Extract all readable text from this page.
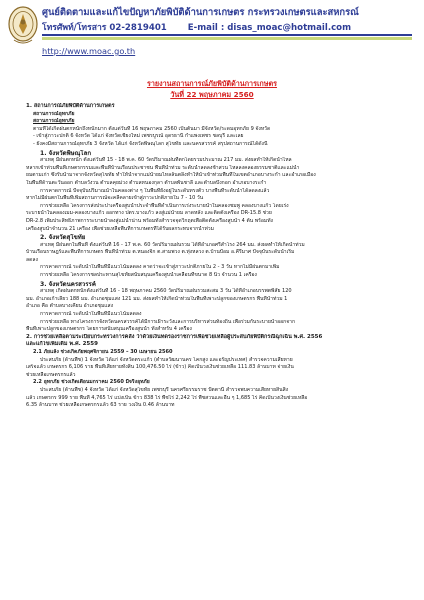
ศูนย์ติดตามและแก้ไขปัญหาภัยพิบัติด้านการเกษตร กระทรวงเกษตรและสหกรณ์
โทรศัพท์/โทรสาร 02-2819401 E-mail : disas_moac@hotmail.com
http://www.moac.go.th
รายงานสถานการณ์ภัยพิบัติด้านการเกษตร
วันที่ 22 พฤษภาคม 2560

1. สถานการณ์ภัยพิบัติด้านการเกษตร

สถานการณ์อุทกภัย

สถานการณ์อุทกภัย

ตามที่ได้เกิดฝนตกหนักถึงหนักมาก ตั้งแต่วันที่ 16 พฤษภาคม 2560 เป็นต้นมา มีจังหวัด/ระดมอุทกภัย 9 จังหวัด

- เข้าสู่ภาวะปกติ 6 จังหวัด ได้แก่ จังหวัดเชียงใหม่ เพชรบูรณ์ อุดรธานี กำแพงเพชร ชลบุรี และเลย

- ยังคงมีสถานการณ์อุทกภัย 3 จังหวัด ได้แก่ จังหวัดพิษณุโลก สุโขทัย และนครสวรรค์ สรุปสถานการณ์ได้ดังนี้

1. จังหวัดพิษณุโลก

สาเหตุ มีฝนตกหนัก ตั้งแต่วันที่ 15 - 18 พ.ค. 60 วัดปริมาณฝนที่ตกโดยรวมประมาณ 217 มม. ส่งผลทำให้เกิดน้ำไหล

หลากเข้าท่วมพื้นที่เกษตรกรรมและพื้นที่บ้านเรือนประชาชน พื้นที่น้ำท่วม ระดับน้ำลดลงช้าสวน ไหลลงคลองธรรมชาติและแม่น้ำ

ยมตามเก่า ซึ่งรับน้ำมาจากจังหวัดสุโขทัย ทำให้น้ำจากแม่น้ำยมไหลล้นตลิ่งทำให้น้ำเข้าท่วมพื้นที่ในเขตอำเภอบางระกำ และอำเภอเมือง

ในพื้นที่ด้านตะวันออก ตำบลวังวน ตำบลคุยม่วง ตำบลหนองกุลา ตำบลพันชาลี และตำบลบึงกอก อำเภอบางระกำ

การคาดการณ์ ปัจจุบันปริมาณน้ำในคลองต่าง ๆ ในพื้นที่ยังอยู่ในระดับทรงตัว บางพื้นที่ระดับน้ำได้ลดลงแล้ว

หากไม่มีฝนตกในพื้นที่เพิ่มสถานการณ์จะคลี่คลายเข้าสู่ภาวะปกติภายใน 7 - 10 วัน

การช่วยเหลือ โครงการส่งประปาเครื่องสูบน้ำประจำพื้นที่ดำเนินการเร่งระบายน้ำในคลองชมพู คลองบางแก้ว โดยเร่ง

ระบายน้ำในคลองเมม-คลองบางแก้ว ออกทาง ปตร.บางแก้ว ลงสู่แม่น้ำยม ลาดหลัง และติดตั้งเครื่อง DR-15.8 ช่วย

DR-2.8 เพิ่มประสิทธิภาพการระบายน้ำลงสู่แม่น้ำน่าน พร้อมทั้งสำรวจจุดวิกฤตเพื่อติดตั้งเครื่องสูบน้ำ 4 ต้น พร้อมทั้ง

เครื่องสูบน้ำจำนวน 21 เครื่อง เพื่อช่วยเหลือพื้นที่การเกษตรที่ได้รับผลกระทบจากน้ำท่วม

2. จังหวัดสุโขทัย

สาเหตุ มีฝนตกในพื้นที่ ตั้งแต่วันที่ 16 - 17 พ.ค. 60 วัดปริมาณฝนรวม ได้ที่อำเภอศรีสำโรง 264 มม. ส่งผลทำให้เกิดน้ำท่วม

บ้านเรือนราษฎร์และพื้นที่การเกษตร พื้นที่น้ำท่วม ต.หนองจิก ต.สามพวง ต.ทุ่งหลวง ต.บ้านป้อม อ.คีรีมาศ ปัจจุบันระดับน้ำเริ่ม

ลดลง

การคาดการณ์ ระดับน้ำในพื้นที่มีแนวโน้มลดลง คาดว่าจะเข้าสู่ภาวะปกติภายใน 2 - 3 วัน หากไม่มีฝนตกมาเพิ่ม

การช่วยเหลือ โครงการชลประทานสุโขทัยสนับสนุนเครื่องสูบน้ำเคลื่อนที่ขนาด 8 นิ้ว จำนวน 1 เครื่อง

3. จังหวัดนครสวรรค์

สาเหตุ เกิดฝนตกหนักตั้งแต่วันที่ 16 - 18 พฤษภาคม 2560 วัดปริมาณฝนรวมสะสม 3 วัน ได้ที่อำเภอบรรพตพิสัย 120

มม. อำเภอเก้าเลี้ยว 188 มม. อำเภอชุมแสง 121 มม. ส่งผลทำให้เกิดน้ำท่วมในพื้นที่เพาะปลูกของเกษตรกร พื้นที่น้ำท่วม 1

อำเภอ คือ ตำบลบางเคียน อำเภอชุมแสง

การคาดการณ์ ระดับน้ำในพื้นที่มีแนวโน้มลดลง

การช่วยเหลือ ทางโครงการจังหวัดนครสวรรค์ได้มีการเฝ้าระวังและการบริหารส่วนท้องถิ่น เพื่อร่วมกันระบายน้ำออกจาก

พื้นที่เพาะปลูกของเกษตรกร โดยการสนับสนุนเครื่องสูบน้ำ ทั้งสำหรับ 4 เครื่อง

2. การช่วยเหลือตามระเบียบกระทรวงการคลัง ว่าด้วยเงินทดรองราชการเพื่อช่วยเหลือผู้ประสบภัยพิบัติกรณีฉุกเฉิน พ.ศ. 2556

และแก้ไขเพิ่มเติม พ.ศ. 2559

2.1 ภัยแล้ง ช่วงเกิดภัยพฤศจิกายน 2559 – 30 เมษายน 2560

ประสบภัย (ด้านพืช) 1 จังหวัด ได้แก่ จังหวัดตระแก้ว (ตำบลวัฒนานคร โคกสูง และอรัญประเทศ) สำรวจความเสียหาย

เสร็จแล้ว เกษตรกร 6,106 ราย พื้นที่เสียหายทั้งสิ้น 100,476.50 ไร่ (ข้าว) คิดเป็นวงเงินช่วยเหลือ 111.83 ล้านบาท จ่ายเงิน

ช่วยเหลือเกษตรกรแล้ว

2.2 อุทกภัย ช่วงเกิดเดือนมกราคม 2560 มีจริงอุทภัย

ประสบภัย (ด้านพืช) 4 จังหวัด ได้แก่ จังหวัดสุโขทัย เพชรบุรี นครศรีธรรมราช ปัตตานี สำรวจพบความเสียหายสิ้นสิ่ง

แล้ว เกษตรกร 999 ราย พื้นที่ 4,765 ไร่ แบ่งเป็น ข้าว 838 ไร่ พืชไร่ 2,242 ไร่ พืชสวนและอื่น ๆ 1,685 ไร่ คิดเป็นวงเงินช่วยเหลือ

6.35 ล้านบาท ช่วยเหลือเกษตรกรแล้ว 63 ราย วงเงิน 0.46 ล้านบาท
